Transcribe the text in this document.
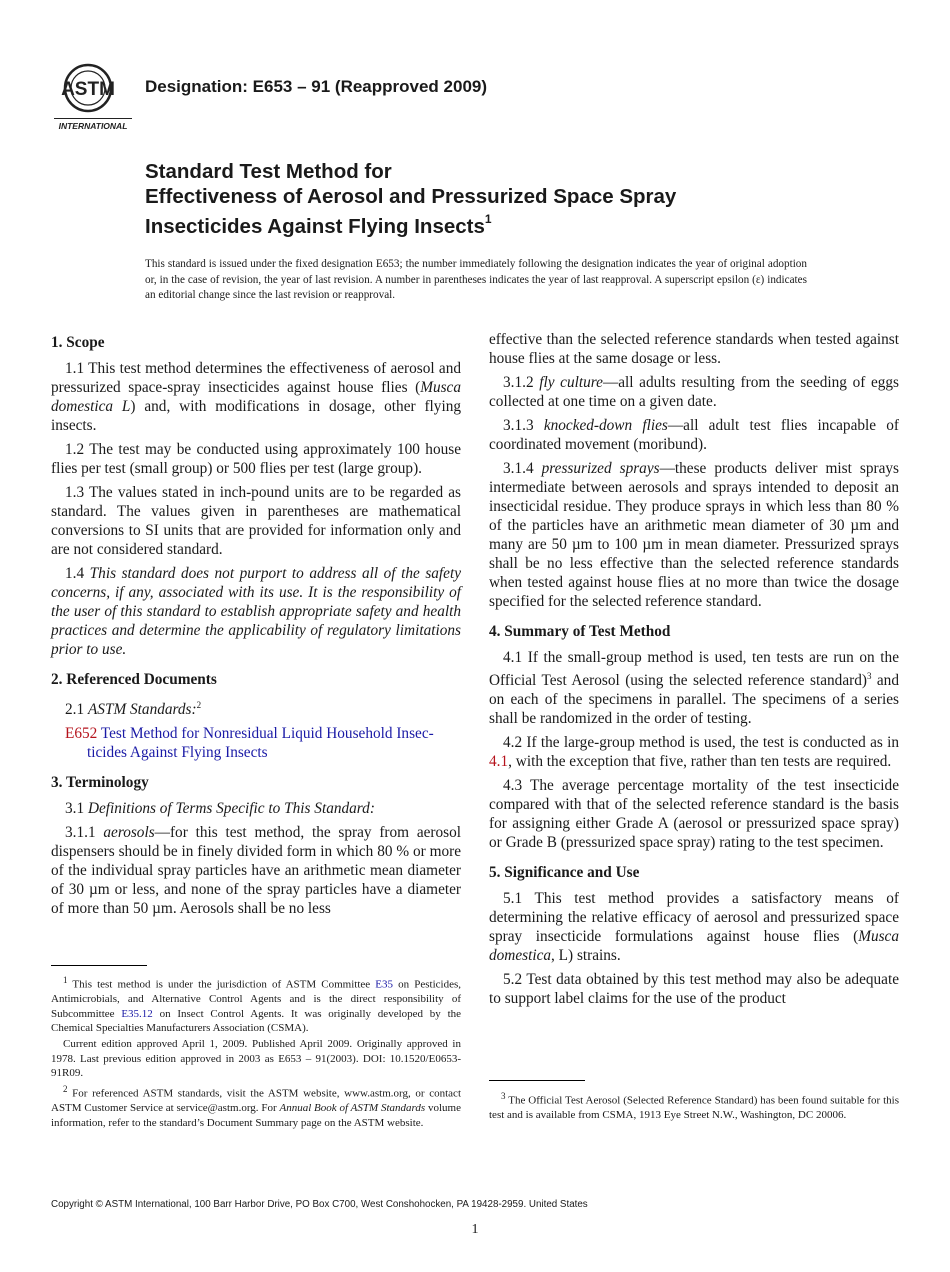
ASTM
INTERNATIONAL
Designation: E653 – 91 (Reapproved 2009)
Standard Test Method for
Effectiveness of Aerosol and Pressurized Space Spray
Insecticides Against Flying Insects$^1$
This standard is issued under the fixed designation E653; the number immediately following the designation indicates the year of original adoption or, in the case of revision, the year of last revision. A number in parentheses indicates the year of last reapproval. A superscript epsilon (ε) indicates an editorial change since the last revision or reapproval.
1. Scope

1.1 This test method determines the effectiveness of aerosol and pressurized space-spray insecticides against house flies (Musca domestica L) and, with modifications in dosage, other flying insects.

1.2 The test may be conducted using approximately 100 house flies per test (small group) or 500 flies per test (large group).

1.3 The values stated in inch-pound units are to be regarded as standard. The values given in parentheses are mathematical conversions to SI units that are provided for information only and are not considered standard.

1.4 This standard does not purport to address all of the safety concerns, if any, associated with its use. It is the responsibility of the user of this standard to establish appropriate safety and health practices and determine the applicability of regulatory limitations prior to use.

2. Referenced Documents

2.1 ASTM Standards:$^2$

E652 Test Method for Nonresidual Liquid Household Insec-
ticides Against Flying Insects
3. Terminology

3.1 Definitions of Terms Specific to This Standard:

3.1.1 aerosols—for this test method, the spray from aerosol dispensers should be in finely divided form in which 80 % or more of the individual spray particles have an arithmetic mean diameter of 30 µm or less, and none of the spray particles have a diameter of more than 50 µm. Aerosols shall be no less

effective than the selected reference standards when tested against house flies at the same dosage or less.

3.1.2 fly culture—all adults resulting from the seeding of eggs collected at one time on a given date.

3.1.3 knocked-down flies—all adult test flies incapable of coordinated movement (moribund).

3.1.4 pressurized sprays—these products deliver mist sprays intermediate between aerosols and sprays intended to deposit an insecticidal residue. They produce sprays in which less than 80 % of the particles have an arithmetic mean diameter of 30 µm and many are 50 µm to 100 µm in mean diameter. Pressurized sprays shall be no less effective than the selected reference standards when tested against house flies at no more than twice the dosage specified for the selected reference standard.

4. Summary of Test Method

4.1 If the small-group method is used, ten tests are run on the Official Test Aerosol (using the selected reference standard)$^3$ and on each of the specimens in parallel. The specimens of a series shall be randomized in the order of testing.

4.2 If the large-group method is used, the test is conducted as in 4.1, with the exception that five, rather than ten tests are required.

4.3 The average percentage mortality of the test insecticide compared with that of the selected reference standard is the basis for assigning either Grade A (aerosol or pressurized space spray) or Grade B (pressurized space spray) rating to the test specimen.

5. Significance and Use

5.1 This test method provides a satisfactory means of determining the relative efficacy of aerosol and pressurized space spray insecticide formulations against house flies (Musca domestica, L) strains.

5.2 Test data obtained by this test method may also be adequate to support label claims for the use of the product

$^1$ This test method is under the jurisdiction of ASTM Committee E35 on Pesticides, Antimicrobials, and Alternative Control Agents and is the direct responsibility of Subcommittee E35.12 on Insect Control Agents. It was originally developed by the Chemical Specialties Manufacturers Association (CSMA).

Current edition approved April 1, 2009. Published April 2009. Originally approved in 1978. Last previous edition approved in 2003 as E653 – 91(2003). DOI: 10.1520/E0653-91R09.

$^2$ For referenced ASTM standards, visit the ASTM website, www.astm.org, or contact ASTM Customer Service at service@astm.org. For Annual Book of ASTM Standards volume information, refer to the standard’s Document Summary page on the ASTM website.

$^3$ The Official Test Aerosol (Selected Reference Standard) has been found suitable for this test and is available from CSMA, 1913 Eye Street N.W., Washington, DC 20006.

Copyright © ASTM International, 100 Barr Harbor Drive, PO Box C700, West Conshohocken, PA 19428-2959. United States
1
